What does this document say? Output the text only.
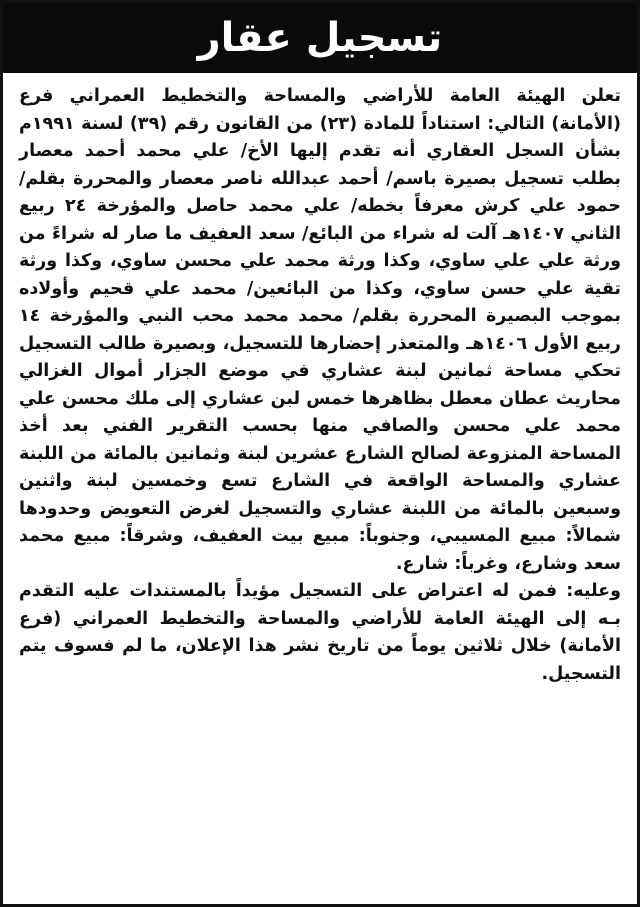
تسجيل عقار

تعلن الهيئة العامة للأراضي والمساحة والتخطيط العمراني فرع (الأمانة) التالي: استناداً للمادة (٢٣) من القانون رقم (٣٩) لسنة ١٩٩١م بشأن السجل العقاري أنه تقدم إليها الأخ/ علي محمد أحمد معصار بطلب تسجيل بصيرة باسم/ أحمد عبدالله ناصر معصار والمحررة بقلم/ حمود علي كرش معرفاً بخطه/ علي محمد حاصل والمؤرخة ٢٤ ربيع الثاني ١٤٠٧هـ آلت له شراء من البائع/ سعد العفيف ما صار له شراءً من ورثة علي علي ساوي، وكذا ورثة محمد علي محسن ساوي، وكذا ورثة تقية علي حسن ساوي، وكذا من البائعين/ محمد علي قحيم وأولاده بموجب البصيرة المحررة بقلم/ محمد محمد محب النبي والمؤرخة ١٤ ربيع الأول ١٤٠٦هـ والمتعذر إحضارها للتسجيل، وبصيرة طالب التسجيل تحكي مساحة ثمانين لبنة عشاري في موضع الجزار أموال الغزالي محاريث عطان معطل بظاهرها خمس لبن عشاري إلى ملك محسن علي محمد علي محسن والصافي منها بحسب التقرير الفني بعد أخذ المساحة المنزوعة لصالح الشارع عشرين لبنة وثمانين بالمائة من اللبنة عشاري والمساحة الواقعة في الشارع تسع وخمسين لبنة واثنين وسبعين بالمائة من اللبنة عشاري والتسجيل لغرض التعويض وحدودها شمالاً: مبيع المسيبي، وجنوباً: مبيع بيت العفيف، وشرقاً: مبيع محمد سعد وشارع، وغرباً: شارع.

وعليه: فمن له اعتراض على التسجيل مؤيداً بالمستندات عليه التقدم بـه إلى الهيئة العامة للأراضي والمساحة والتخطيط العمراني (فرع الأمانة) خلال ثلاثين يوماً من تاريخ نشر هذا الإعلان، ما لم فسوف يتم التسجيل.
